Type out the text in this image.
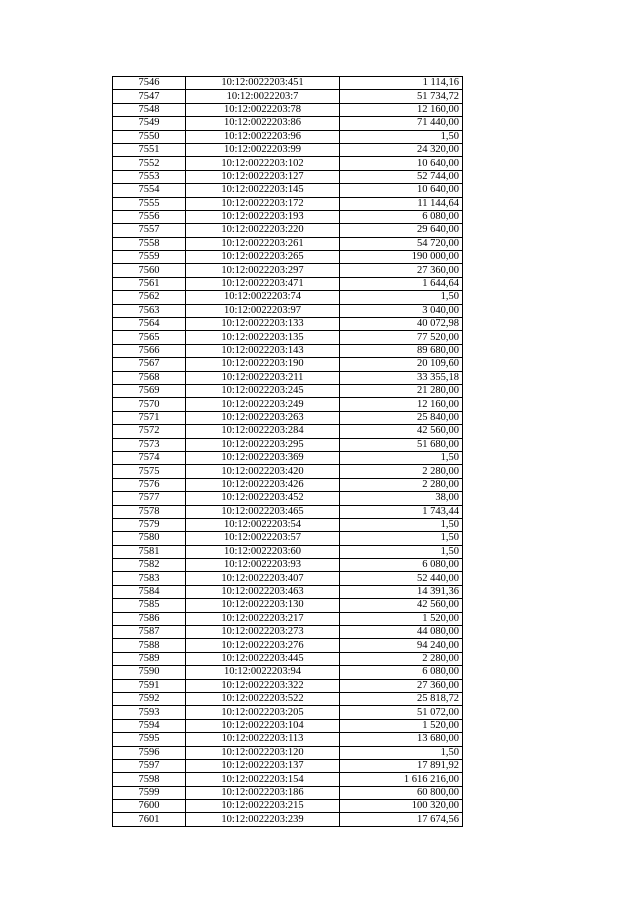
7546	10:12:0022203:451	1 114,16
7547	10:12:0022203:7	51 734,72
7548	10:12:0022203:78	12 160,00
7549	10:12:0022203:86	71 440,00
7550	10:12:0022203:96	1,50
7551	10:12:0022203:99	24 320,00
7552	10:12:0022203:102	10 640,00
7553	10:12:0022203:127	52 744,00
7554	10:12:0022203:145	10 640,00
7555	10:12:0022203:172	11 144,64
7556	10:12:0022203:193	6 080,00
7557	10:12:0022203:220	29 640,00
7558	10:12:0022203:261	54 720,00
7559	10:12:0022203:265	190 000,00
7560	10:12:0022203:297	27 360,00
7561	10:12:0022203:471	1 644,64
7562	10:12:0022203:74	1,50
7563	10:12:0022203:97	3 040,00
7564	10:12:0022203:133	40 072,98
7565	10:12:0022203:135	77 520,00
7566	10:12:0022203:143	89 680,00
7567	10:12:0022203:190	20 109,60
7568	10:12:0022203:211	33 355,18
7569	10:12:0022203:245	21 280,00
7570	10:12:0022203:249	12 160,00
7571	10:12:0022203:263	25 840,00
7572	10:12:0022203:284	42 560,00
7573	10:12:0022203:295	51 680,00
7574	10:12:0022203:369	1,50
7575	10:12:0022203:420	2 280,00
7576	10:12:0022203:426	2 280,00
7577	10:12:0022203:452	38,00
7578	10:12:0022203:465	1 743,44
7579	10:12:0022203:54	1,50
7580	10:12:0022203:57	1,50
7581	10:12:0022203:60	1,50
7582	10:12:0022203:93	6 080,00
7583	10:12:0022203:407	52 440,00
7584	10:12:0022203:463	14 391,36
7585	10:12:0022203:130	42 560,00
7586	10:12:0022203:217	1 520,00
7587	10:12:0022203:273	44 080,00
7588	10:12:0022203:276	94 240,00
7589	10:12:0022203:445	2 280,00
7590	10:12:0022203:94	6 080,00
7591	10:12:0022203:322	27 360,00
7592	10:12:0022203:522	25 818,72
7593	10:12:0022203:205	51 072,00
7594	10:12:0022203:104	1 520,00
7595	10:12:0022203:113	13 680,00
7596	10:12:0022203:120	1,50
7597	10:12:0022203:137	17 891,92
7598	10:12:0022203:154	1 616 216,00
7599	10:12:0022203:186	60 800,00
7600	10:12:0022203:215	100 320,00
7601	10:12:0022203:239	17 674,56
